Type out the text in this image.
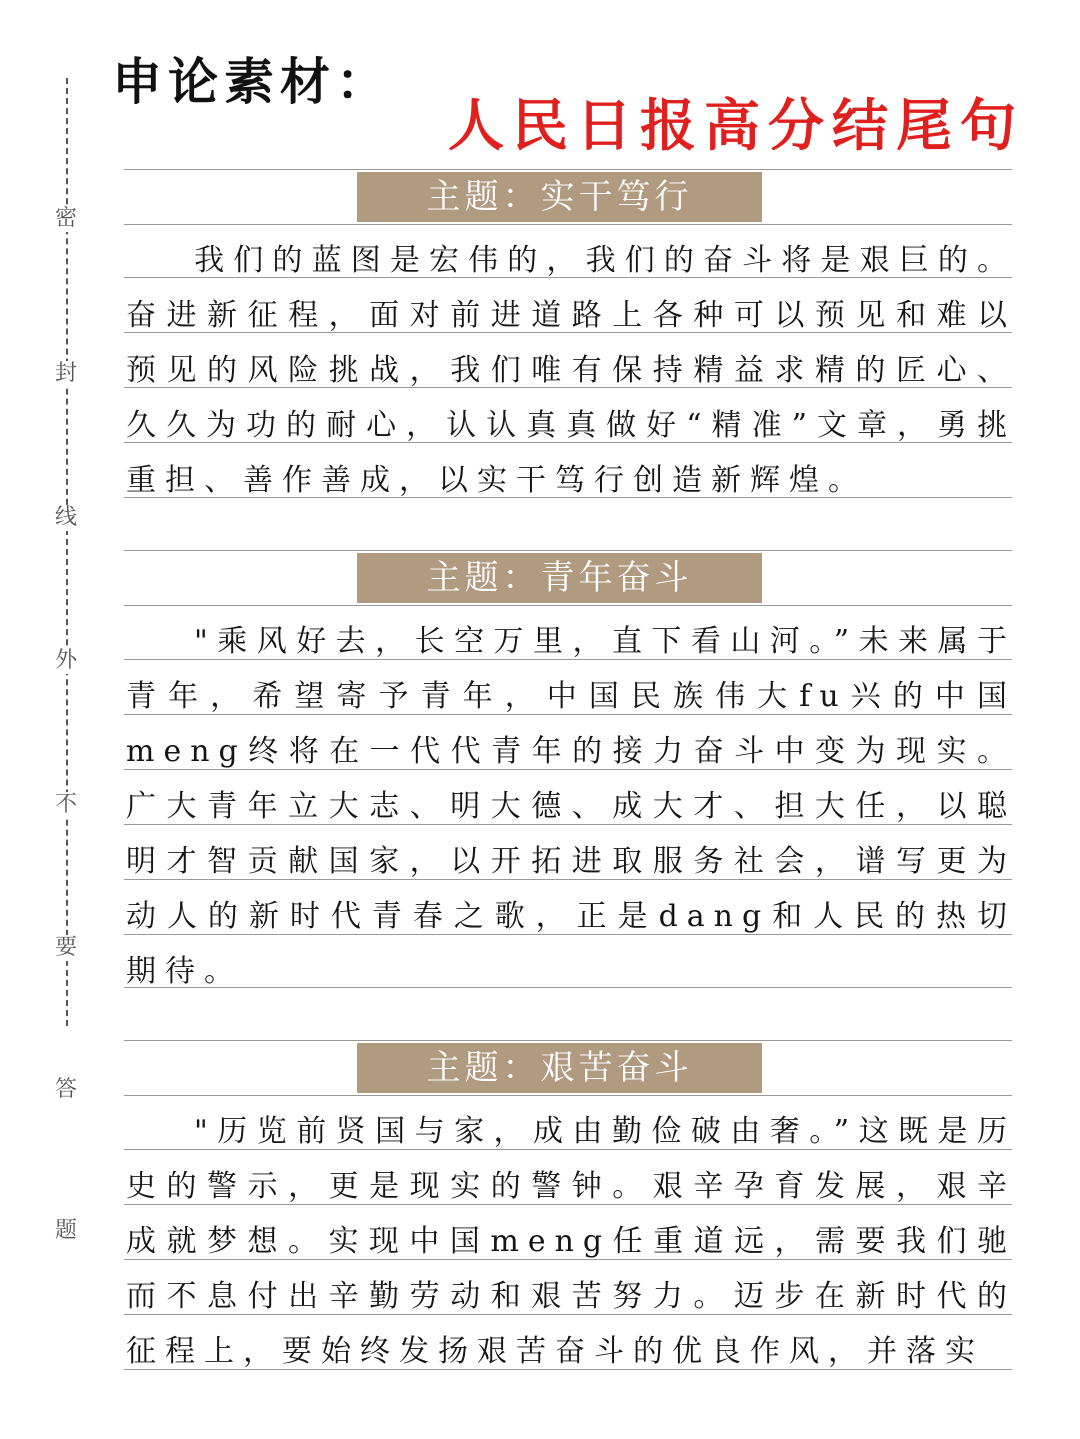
密
封
线
外
不
要
答
题
申论素材：
人民日报高分结尾句
主题：实干笃行

我们的蓝图是宏伟的，我们的奋斗将是艰巨的。奋进新征程，面对前进道路上各种可以预见和难以预见的风险挑战，我们唯有保持精益求精的匠心、久久为功的耐心，认认真真做好“精准”文章，勇挑重担、善作善成，以实干笃行创造新辉煌。

主题：青年奋斗

"乘风好去，长空万里，直下看山河。”未来属于青年，希望寄予青年，中国民族伟大fu兴的中国meng终将在一代代青年的接力奋斗中变为现实。广大青年立大志、明大德、成大才、担大任，以聪明才智贡献国家，以开拓进取服务社会，谱写更为动人的新时代青春之歌，正是dang和人民的热切期待。

主题：艰苦奋斗

"历览前贤国与家，成由勤俭破由奢。”这既是历史的警示，更是现实的警钟。艰辛孕育发展，艰辛成就梦想。实现中国meng任重道远，需要我们驰而不息付出辛勤劳动和艰苦努力。迈步在新时代的征程上，要始终发扬艰苦奋斗的优良作风，并落实
